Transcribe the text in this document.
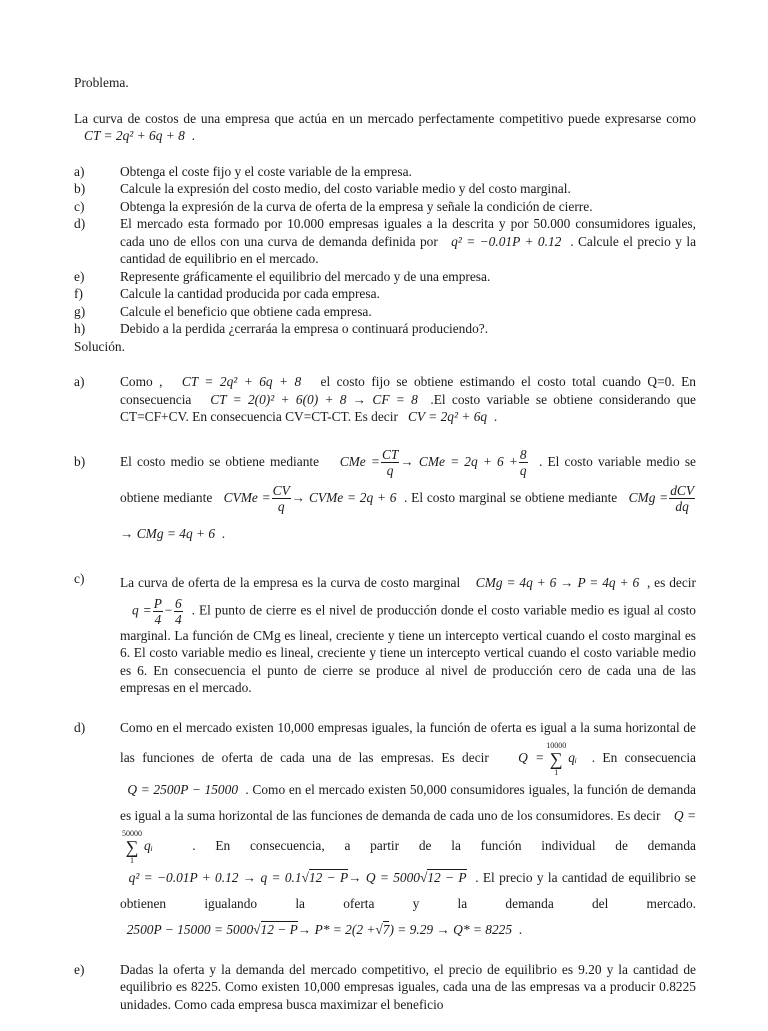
Problema.

La curva de costos de una empresa que actúa en un mercado perfectamente competitivo puede expresarse como    CT = 2q² + 6q + 8  .

a)	Obtenga el coste fijo y el coste variable de la empresa.
b)	Calcule la expresión del costo medio, del costo variable medio y del costo marginal.
c)	Obtenga la expresión de la curva de oferta de la empresa y señale la condición de cierre.
d)	El mercado esta formado por 10.000 empresas iguales a la descrita y por 50.000 consumidores iguales, cada uno de ellos con una curva de demanda definida por q² = −0.01P + 0.12 . Calcule el precio y la cantidad de equilibrio en el mercado.
e)	Represente gráficamente el equilibrio del mercado y de una empresa.
f)	Calcule la cantidad producida por cada empresa.
g)	Calcule el beneficio que obtiene cada empresa.
h)	Debido a la perdida ¿cerraráa la empresa o continuará produciendo?.

Solución.

a)	Como , CT = 2q² + 6q + 8 el costo fijo se obtiene estimando el costo total cuando Q=0. En consecuencia CT = 2(0)² + 6(0) + 8 → CF = 8 .El costo variable se obtiene considerando que CT=CF+CV. En consecuencia CV=CT-CT. Es decir CV = 2q² + 6q .
b)	El costo medio se obtiene mediante CMe = $\frac{CT}{q}$ → CMe = $2q + 6 + \frac{8}{q}$ . El costo variable medio se obtiene mediante CVMe = $\frac{CV}{q}$ → CVMe = 2q + 6 . El costo marginal se obtiene mediante CMg = dCV
dq
→ CMg = 4q + 6 .
c)	La curva de oferta de la empresa es la curva de costo marginal CMg = 4q + 6 → P = 4q + 6 , es decir    $q = \frac{P}{4} - \frac{6}{4}$ . El punto de cierre es el nivel de producción donde el costo variable medio es igual al costo marginal. La función de CMg es lineal, creciente y tiene un intercepto vertical cuando el costo marginal es 6. El costo variable medio es lineal, creciente y tiene un intercepto vertical cuando el costo variable medio es 6. En consecuencia el punto de cierre se produce al nivel de producción cero de cada una de las empresas en el mercado.
d)	Como en el mercado existen 10,000 empresas iguales, la función de oferta es igual a la suma horizontal de las funciones de oferta de cada una de las empresas. Es decir Q =
10000
∑
1
qᵢ . En consecuencia   Q = 2500P − 15000 . Como en el mercado existen 50,000 consumidores iguales, la función de demanda es igual a la suma horizontal de las funciones de demanda de cada uno de los consumidores. Es decir Q =
50000
∑
1
qᵢ	. En consecuencia, a partir de la función individual de demanda   q² = −0.01P + 0.12 → q = 0.1√12 − P→ Q = 5000√12 − P . El precio y la cantidad de equilibrio se obtienen igualando la oferta y la demanda del mercado.   2500P − 15000 = 5000√12 − P→ P* = 2(2 +√7) = 9.29 → Q* = 8225 .
e)	Dadas la oferta y la demanda del mercado competitivo, el precio de equilibrio es 9.20 y la cantidad de equilibrio es 8225. Como existen 10,000 empresas iguales, cada una de las empresas va a producir 0.8225 unidades. Como cada empresa busca maximizar el beneficio
